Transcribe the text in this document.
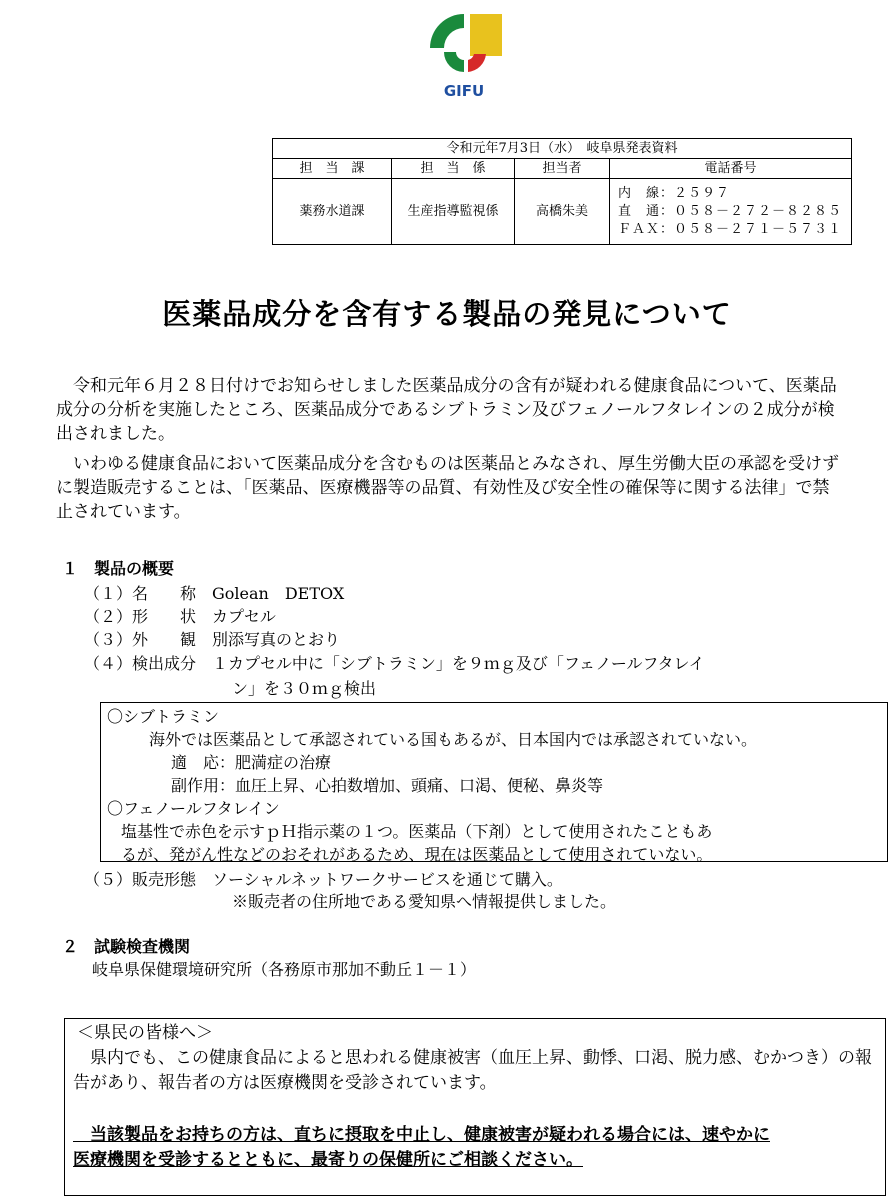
GIFU
令和元年7月3日（水）　岐阜県発表資料			
担　当　課	担　当　係	担当者	電話番号
薬務水道課	生産指導監視係	高橋朱美	内　線：２５９７
直　通：０５８－２７２－８２８５
ＦＡＸ：０５８－２７１－５７３１
医薬品成分を含有する製品の発見について

　令和元年６月２８日付けでお知らせしました医薬品成分の含有が疑われる健康食品について、医薬品成分の分析を実施したところ、医薬品成分であるシブトラミン及びフェノールフタレインの２成分が検出されました。

　いわゆる健康食品において医薬品成分を含むものは医薬品とみなされ、厚生労働大臣の承認を受けずに製造販売することは、「医薬品、医療機器等の品質、有効性及び安全性の確保等に関する法律」で禁止されています。

１　製品の概要
（１）名　　称　Golean　DETOX
（２）形　　状　カプセル
（３）外　　観　別添写真のとおり
（４）検出成分　１カプセル中に「シブトラミン」を９ｍｇ及び「フェノールフタレイ
ン」を３０ｍｇ検出
〇シブトラミン
海外では医薬品として承認されている国もあるが、日本国内では承認されていない。
適　応：肥満症の治療
副作用：血圧上昇、心拍数増加、頭痛、口渇、便秘、鼻炎等
〇フェノールフタレイン
塩基性で赤色を示すｐＨ指示薬の１つ。医薬品（下剤）として使用されたこともあ
るが、発がん性などのおそれがあるため、現在は医薬品として使用されていない。
（５）販売形態　ソーシャルネットワークサービスを通じて購入。
※販売者の住所地である愛知県へ情報提供しました。
２　試験検査機関
岐阜県保健環境研究所（各務原市那加不動丘１－１）
＜県民の皆様へ＞
　県内でも、この健康食品によると思われる健康被害（血圧上昇、動悸、口渇、脱力感、むかつき）の報告があり、報告者の方は医療機関を受診されています。
　当該製品をお持ちの方は、直ちに摂取を中止し、健康被害が疑われる場合には、速やかに
医療機関を受診するとともに、最寄りの保健所にご相談ください。
